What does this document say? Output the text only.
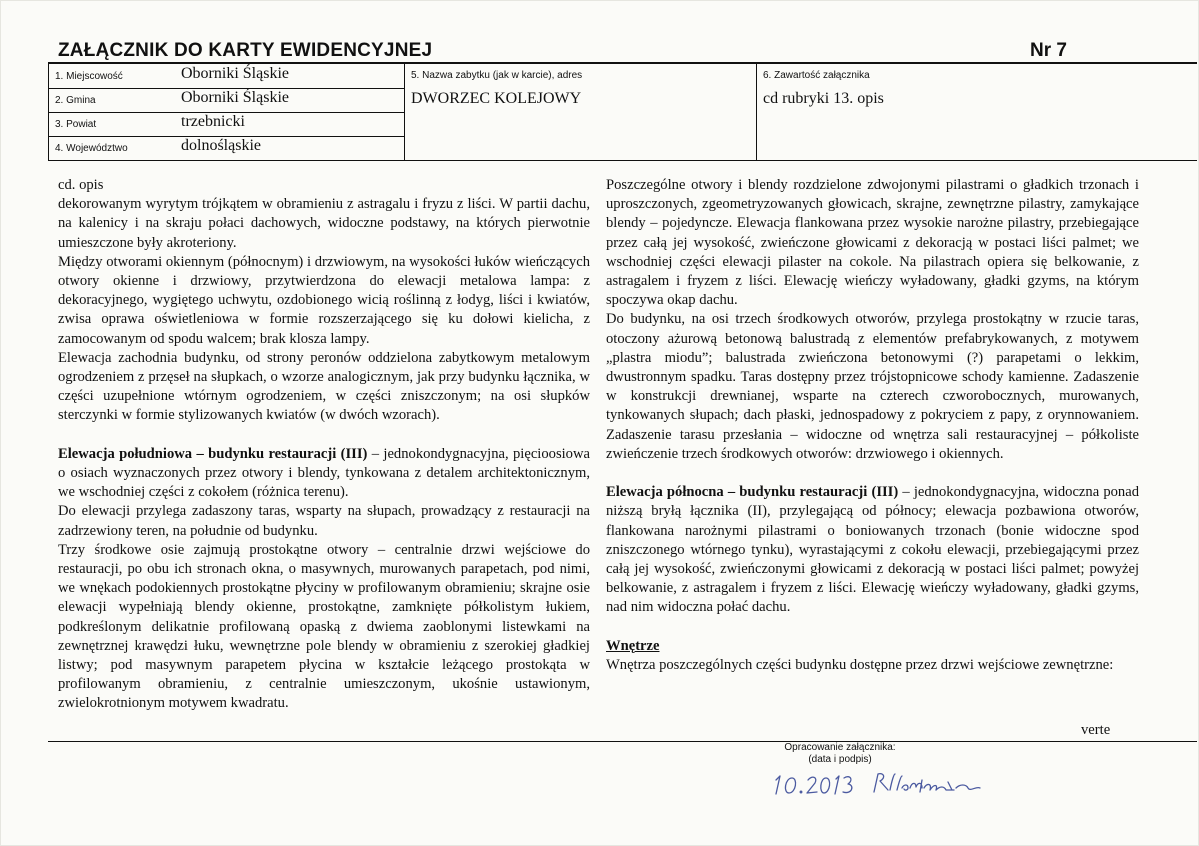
ZAŁĄCZNIK DO KARTY EWIDENCYJNEJ	Nr 7
1. Miejscowość	Oborniki Śląskie
2. Gmina	Oborniki Śląskie
3. Powiat	trzebnicki
4. Województwo	dolnośląskie
5. Nazwa zabytku (jak w karcie), adres
DWORZEC KOLEJOWY
6. Zawartość załącznika
cd rubryki 13. opis

cd. opis

dekorowanym wyrytym trójkątem w obramieniu z astragalu i fryzu z liści. W partii dachu, na kalenicy i na skraju połaci dachowych, widoczne podstawy, na których pierwotnie umieszczone były akroteriony.

Między otworami okiennym (północnym) i drzwiowym, na wysokości łuków wieńczących otwory okienne i drzwiowy, przytwierdzona do elewacji metalowa lampa: z dekoracyjnego, wygiętego uchwytu, ozdobionego wicią roślinną z łodyg, liści i kwiatów, zwisa oprawa oświetleniowa w formie rozszerzającego się ku dołowi kielicha, z zamocowanym od spodu walcem; brak klosza lampy.

Elewacja zachodnia budynku, od strony peronów oddzielona zabytkowym metalowym ogrodzeniem z przęseł na słupkach, o wzorze analogicznym, jak przy budynku łącznika, w części uzupełnione wtórnym ogrodzeniem, w części zniszczonym; na osi słupków sterczynki w formie stylizowanych kwiatów (w dwóch wzorach).

Elewacja południowa – budynku restauracji (III) – jednokondygnacyjna, pięcioosiowa o osiach wyznaczonych przez otwory i blendy, tynkowana z detalem architektonicznym, we wschodniej części z cokołem (różnica terenu).

Do elewacji przylega zadaszony taras, wsparty na słupach, prowadzący z restauracji na zadrzewiony teren, na południe od budynku.

Trzy środkowe osie zajmują prostokątne otwory – centralnie drzwi wejściowe do restauracji, po obu ich stronach okna, o masywnych, murowanych parapetach, pod nimi, we wnękach podokiennych prostokątne płyciny w profilowanym obramieniu; skrajne osie elewacji wypełniają blendy okienne, prostokątne, zamknięte półkolistym łukiem, podkreślonym delikatnie profilowaną opaską z dwiema zaoblonymi listewkami na zewnętrznej krawędzi łuku, wewnętrzne pole blendy w obramieniu z szerokiej gładkiej listwy; pod masywnym parapetem płycina w kształcie leżącego prostokąta w profilowanym obramieniu, z centralnie umieszczonym, ukośnie ustawionym, zwielokrotnionym motywem kwadratu.

Poszczególne otwory i blendy rozdzielone zdwojonymi pilastrami o gładkich trzonach i uproszczonych, zgeometryzowanych głowicach, skrajne, zewnętrzne pilastry, zamykające blendy – pojedyncze. Elewacja flankowana przez wysokie narożne pilastry, przebiegające przez całą jej wysokość, zwieńczone głowicami z dekoracją w postaci liści palmet; we wschodniej części elewacji pilaster na cokole. Na pilastrach opiera się belkowanie, z astragalem i fryzem z liści. Elewację wieńczy wyładowany, gładki gzyms, na którym spoczywa okap dachu.

Do budynku, na osi trzech środkowych otworów, przylega prostokątny w rzucie taras, otoczony ażurową betonową balustradą z elementów prefabrykowanych, z motywem „plastra miodu”; balustrada zwieńczona betonowymi (?) parapetami o lekkim, dwustronnym spadku. Taras dostępny przez trójstopnicowe schody kamienne. Zadaszenie w konstrukcji drewnianej, wsparte na czterech czworobocznych, murowanych, tynkowanych słupach; dach płaski, jednospadowy z pokryciem z papy, z orynnowaniem. Zadaszenie tarasu przesłania – widoczne od wnętrza sali restauracyjnej – półkoliste zwieńczenie trzech środkowych otworów: drzwiowego i okiennych.

Elewacja północna – budynku restauracji (III) – jednokondygnacyjna, widoczna ponad niższą bryłą łącznika (II), przylegającą od północy; elewacja pozbawiona otworów, flankowana narożnymi pilastrami o boniowanych trzonach (bonie widoczne spod zniszczonego wtórnego tynku), wyrastającymi z cokołu elewacji, przebiegającymi przez całą jej wysokość, zwieńczonymi głowicami z dekoracją w postaci liści palmet; powyżej belkowanie, z astragalem i fryzem z liści. Elewację wieńczy wyładowany, gładki gzyms, nad nim widoczna połać dachu.

Wnętrze

Wnętrza poszczególnych części budynku dostępne przez drzwi wejściowe zewnętrzne:

verte
Opracowanie załącznika:
(data i podpis)
